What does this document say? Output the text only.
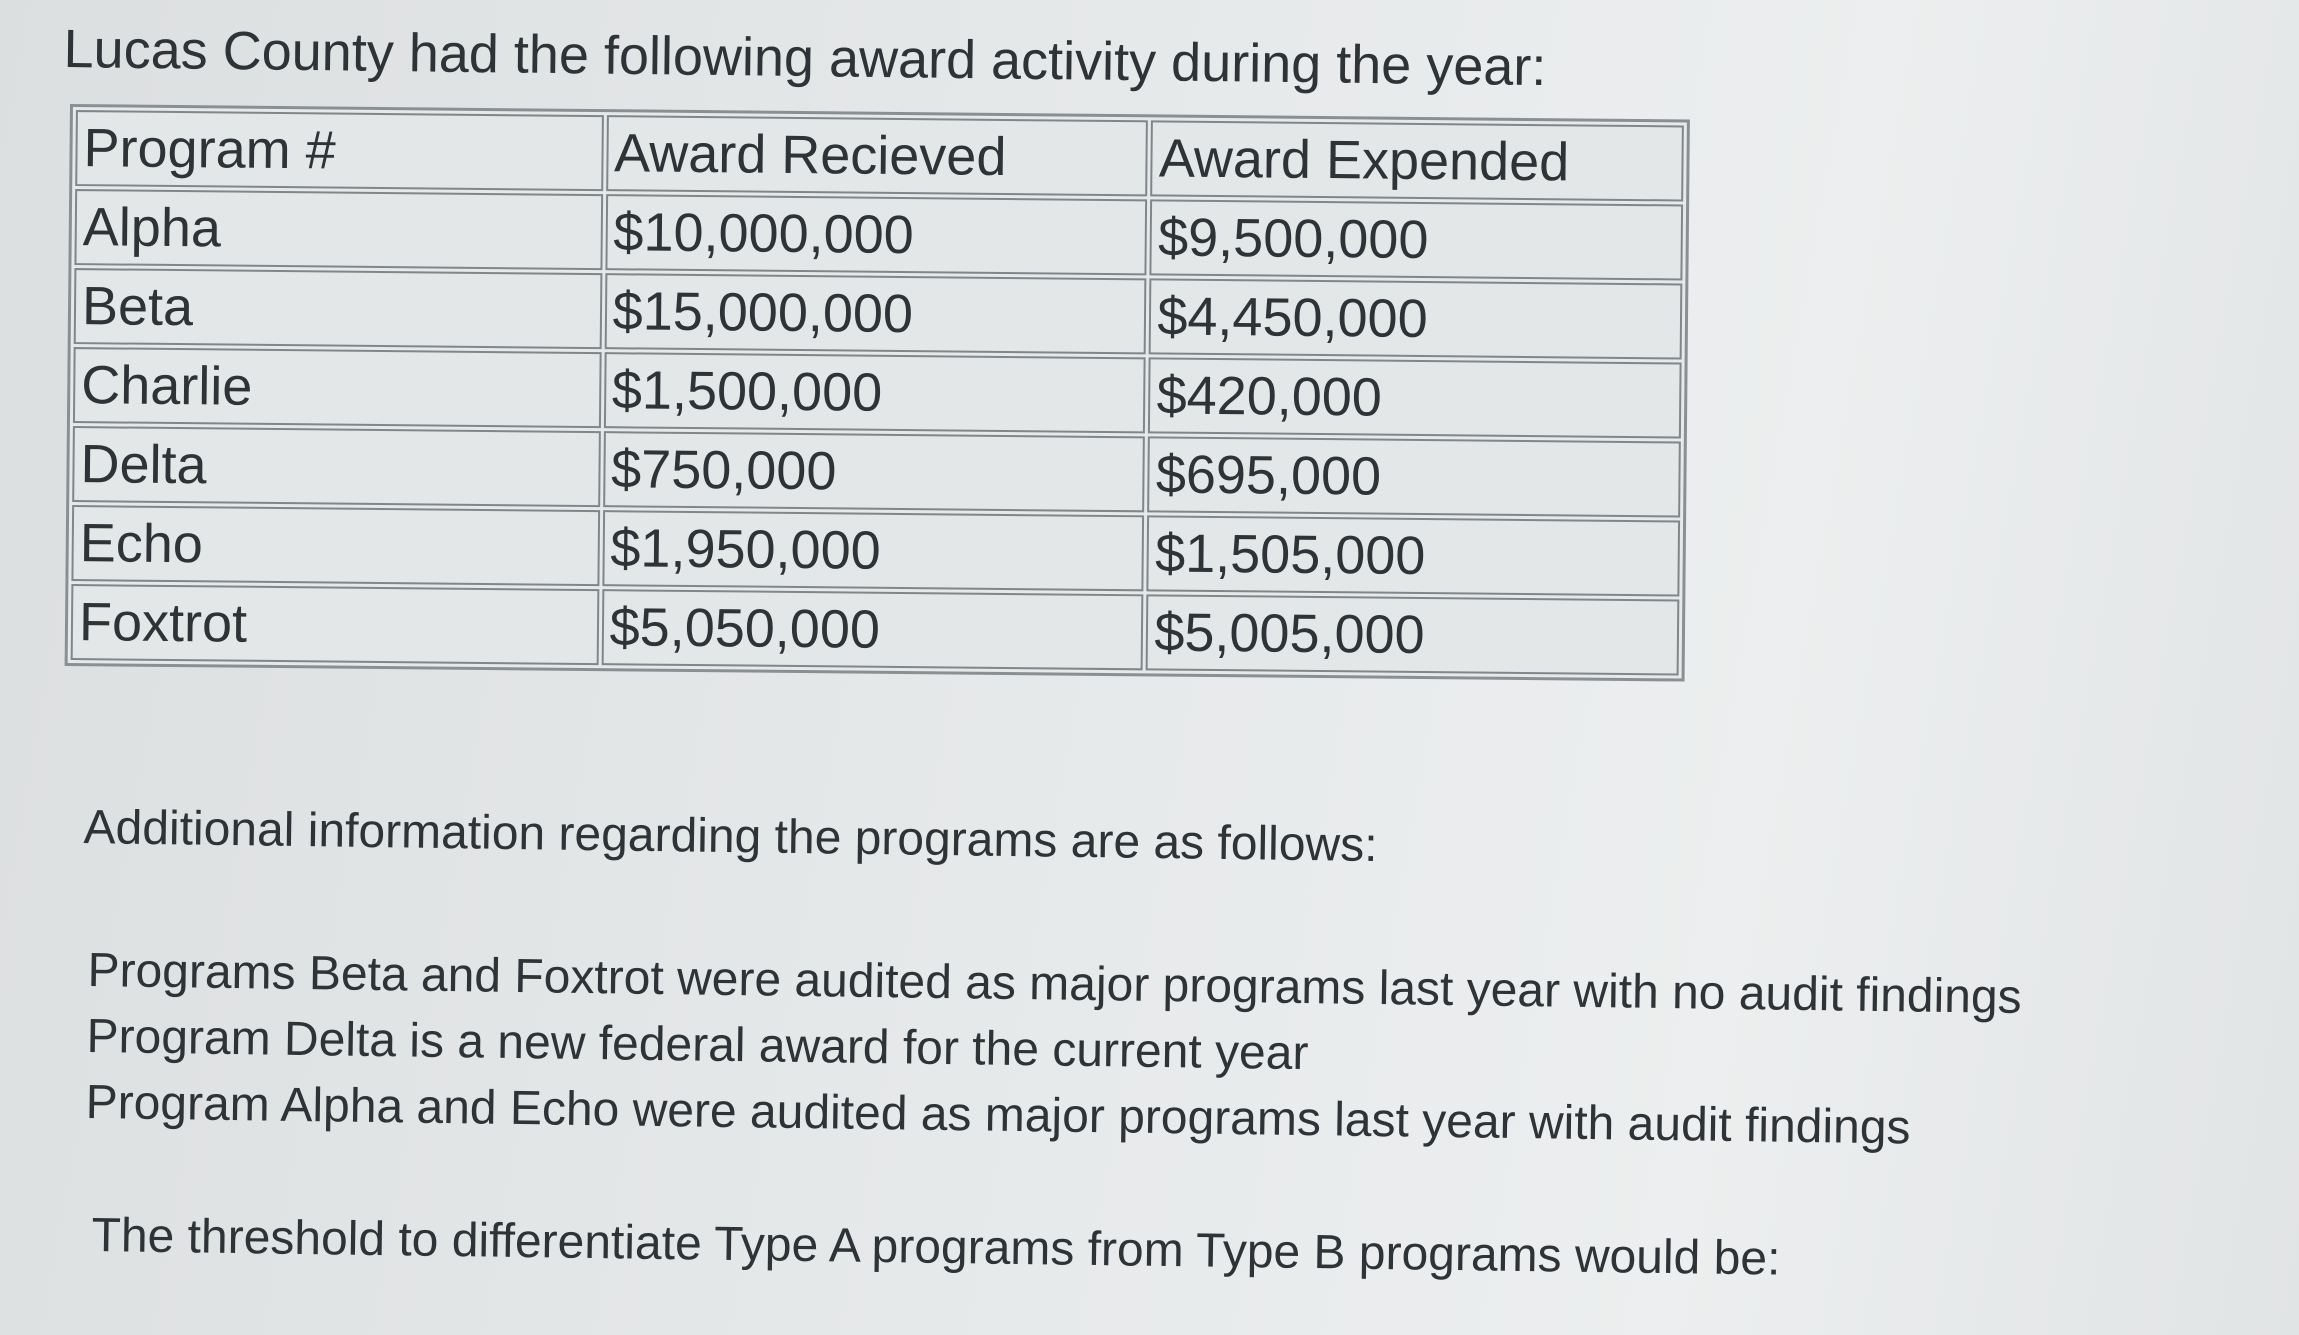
Lucas County had the following award activity during the year:
Program #	Award Recieved	Award Expended
Alpha	$10,000,000	$9,500,000
Beta	$15,000,000	$4,450,000
Charlie	$1,500,000	$420,000
Delta	$750,000	$695,000
Echo	$1,950,000	$1,505,000
Foxtrot	$5,050,000	$5,005,000
Additional information regarding the programs are as follows:
Programs Beta and Foxtrot were audited as major programs last year with no audit findings
Program Delta is a new federal award for the current year
Program Alpha and Echo were audited as major programs last year with audit findings
The threshold to differentiate Type A programs from Type B programs would be:
